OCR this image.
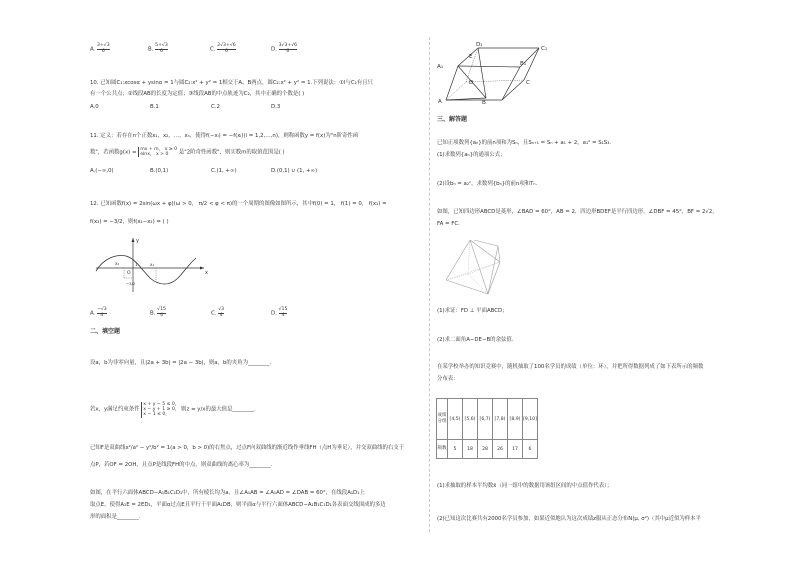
A. $\frac{3+√3}{6}$	B. $\frac{5+√3}{6}$	C. $\frac{2√3+√6}{6}$	D. $\frac{3√3+√6}{6}$
10. 已知圆C₁:xcosα + ysinα = 1与圆C₂:x² + y² = 1相交于A、B两点，圆C₂:x² + y² = 1.下列说法：①l与C₂有且只
有一个公共点；②线段AB的长度为定值；③线段AB的中点轨迹为C₂，其中正确的个数是( )
A.0	B.1	C.2	D.3
11. 定义：若存在n个正数x₁，x₂，…，xₙ，使得f(−xᵢ) = −f(xᵢ)(i = 1,2,…,n)，则称函数y = f(x)为"n阶奇性函
数"，若函数g(x) = mx + m， x ≥ 0
elnx， x > 0	是"2阶奇性函数"，则实数m的取值范围是( )
A.(−∞,0)	B.(0,1)	C.(1, +∞)	D.(0,1) ∪ (1, +∞)
12. 已知函数f(x) = 2sin(ωx + φ)(ω > 0， π/2 < φ < π)的一个周期的图像如图所示，其中f(0) = 1， f(1) = 0， f(x₁) =
f(x₂) = −3/2，则f(x₁−x₂) = ( )
y
x
O
1	x₁
x₂
−3/2
A. $\frac{-√3}{4}$	B. $\frac{√15}{4}$	C. $\frac{√3}{4}$	D. $\frac{√15}{4}$
二、填空题
设a，b为非零向量，且|2a + 3b| = |2a − 3b|，则a，b的夹角为________.
若x，y满足约束条件
x + y − 5 ≤ 0，
x − y + 1 ≥ 0，
x − 1 ≤ 0，
则z = y/x的最大值是________.
已知F是双曲线x²/a² − y²/b² = 1(a > 0，b > 0)的右焦点，过点F向双曲线的渐近线作垂线FH（点H为垂足），并交双曲线的右支于
点P，若OF = 2OH，且点P是线段FH的中点，则双曲线的离心率为________.
如图，在平行六面体ABCD−A₁B₁C₁D₁中，所有棱长均为a，且∠A₁AB = ∠A₁AD = ∠DAB = 60°，在线段A₁D₁上
取点E，使得A₁E = 2ED₁，平面α过点E且平行于平面A₁DB，则平面α与平行六面体ABCD−A₁B₁C₁D₁各表面交线围成的多边
形的面积是________.
A₁
D₁
C₁
B₁
A
D	C
B
E
三、解答题
已知正项数列{aₙ}的前n项和为Sₙ，且Sₙ₊₁ = Sₙ + a₁ + 2，a₁² = S₁S₃.
(1)求数列{aₙ}的通项公式；
(2)设bₙ = a₂ⁿ，求数列{bₙ}的前n项和Tₙ.
如图，已知四边形ABCD是菱形，∠BAD = 60°，AB = 2，四边形BDEF是平行四边形，∠DBF = 45°，BF = 2√2，
FA = FC.
(1)求证：FD ⊥ 平面ABCD；
(2)求二面角A−DE−B的余弦值.
在某学校举办的知识竞赛中，随机抽取了100名学员的成绩（单位：环），并把所得数据列成了如下表所示的频数
分布表：
成绩分组	[4,5)	[5,6)	[6,7)	[7,8)	[8,9)	[9,10]
频数	5	18	28	26	17	6
(1)求抽取的样本平均数x̄（同一组中的数据用该组区间的中点值作代表）；
(2)已知这次比赛共有2000名学员参加，如果近似地认为这次成绩z服从正态分布N(μ, σ²)（其中μ近似为样本平
